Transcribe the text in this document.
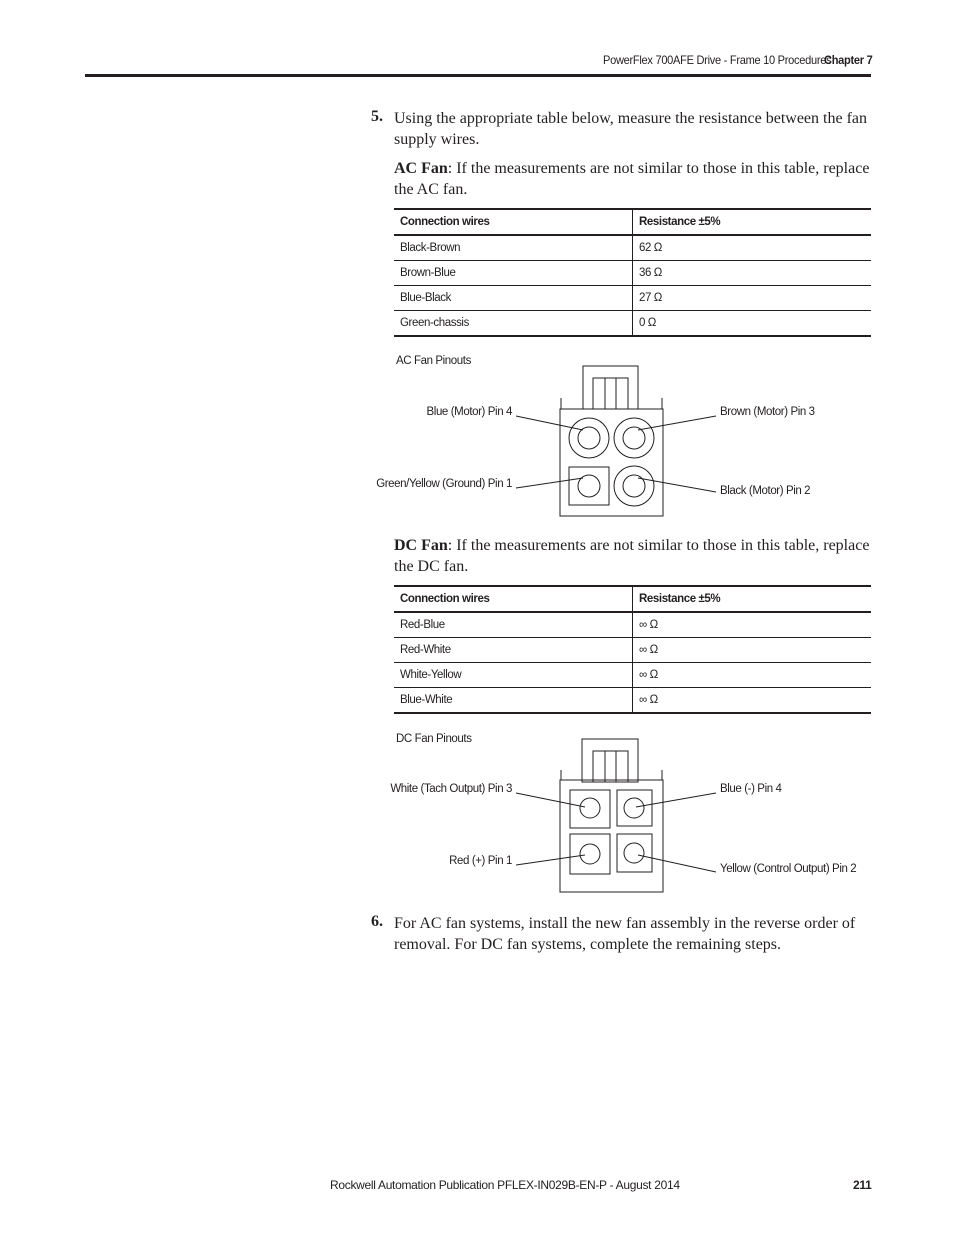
PowerFlex 700AFE Drive - Frame 10 Procedures
Chapter 7
5. Using the appropriate table below, measure the resistance between the fan supply wires.
AC Fan: If the measurements are not similar to those in this table, replace the AC fan.
Connection wires	Resistance ±5%
Black-Brown	62 Ω
Brown-Blue	36 Ω
Blue-Black	27 Ω
Green-chassis	0 Ω
AC Fan Pinouts
Blue (Motor) Pin 4	Brown (Motor) Pin 3
Green/Yellow (Ground) Pin 1
Black (Motor) Pin 2
DC Fan: If the measurements are not similar to those in this table, replace the DC fan.
Connection wires	Resistance ±5%
Red-Blue	∞ Ω
Red-White	∞ Ω
White-Yellow	∞ Ω
Blue-White	∞ Ω
DC Fan Pinouts
White (Tach Output) Pin 3	Blue (-) Pin 4
Red (+) Pin 1
Yellow (Control Output) Pin 2
6. For AC fan systems, install the new fan assembly in the reverse order of removal. For DC fan systems, complete the remaining steps.
Rockwell Automation Publication PFLEX-IN029B-EN-P - August 2014	211
